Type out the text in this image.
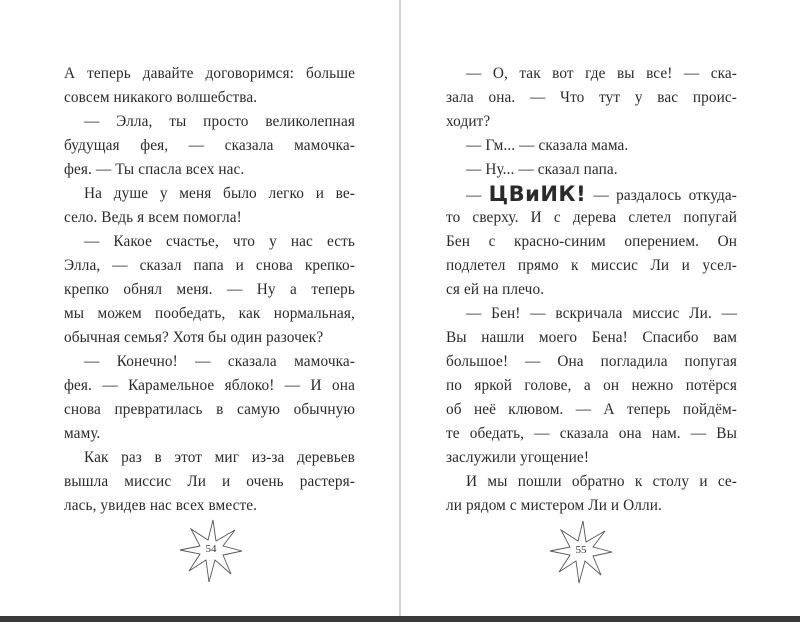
А теперь давайте договоримся: больше
совсем никакого волшебства.
— Элла, ты просто великолепная
будущая фея, — сказала мамочка-
фея. — Ты спасла всех нас.
На душе у меня было легко и ве-
село. Ведь я всем помогла!
— Какое счастье, что у нас есть
Элла, — сказал папа и снова крепко-
крепко обнял меня. — Ну а теперь
мы можем пообедать, как нормальная,
обычная семья? Хотя бы один разочек?
— Конечно! — сказала мамочка-
фея. — Карамельное яблоко! — И она
снова превратилась в самую обычную
маму.
Как раз в этот миг из-за деревьев
вышла миссис Ли и очень растеря-
лась, увидев нас всех вместе.
54
— О, так вот где вы все! — ска-
зала она. — Что тут у вас проис-
ходит?
— Гм... — сказала мама.
— Ну... — сказал папа.
— ЦВиИК! — раздалось откуда-
то сверху. И с дерева слетел попугай
Бен с красно-синим оперением. Он
подлетел прямо к миссис Ли и усел-
ся ей на плечо.
— Бен! — вскричала миссис Ли. —
Вы нашли моего Бена! Спасибо вам
большое! — Она погладила попугая
по яркой голове, а он нежно потёрся
об неё клювом. — А теперь пойдём-
те обедать, — сказала она нам. — Вы
заслужили угощение!
И мы пошли обратно к столу и се-
ли рядом с мистером Ли и Олли.
55
